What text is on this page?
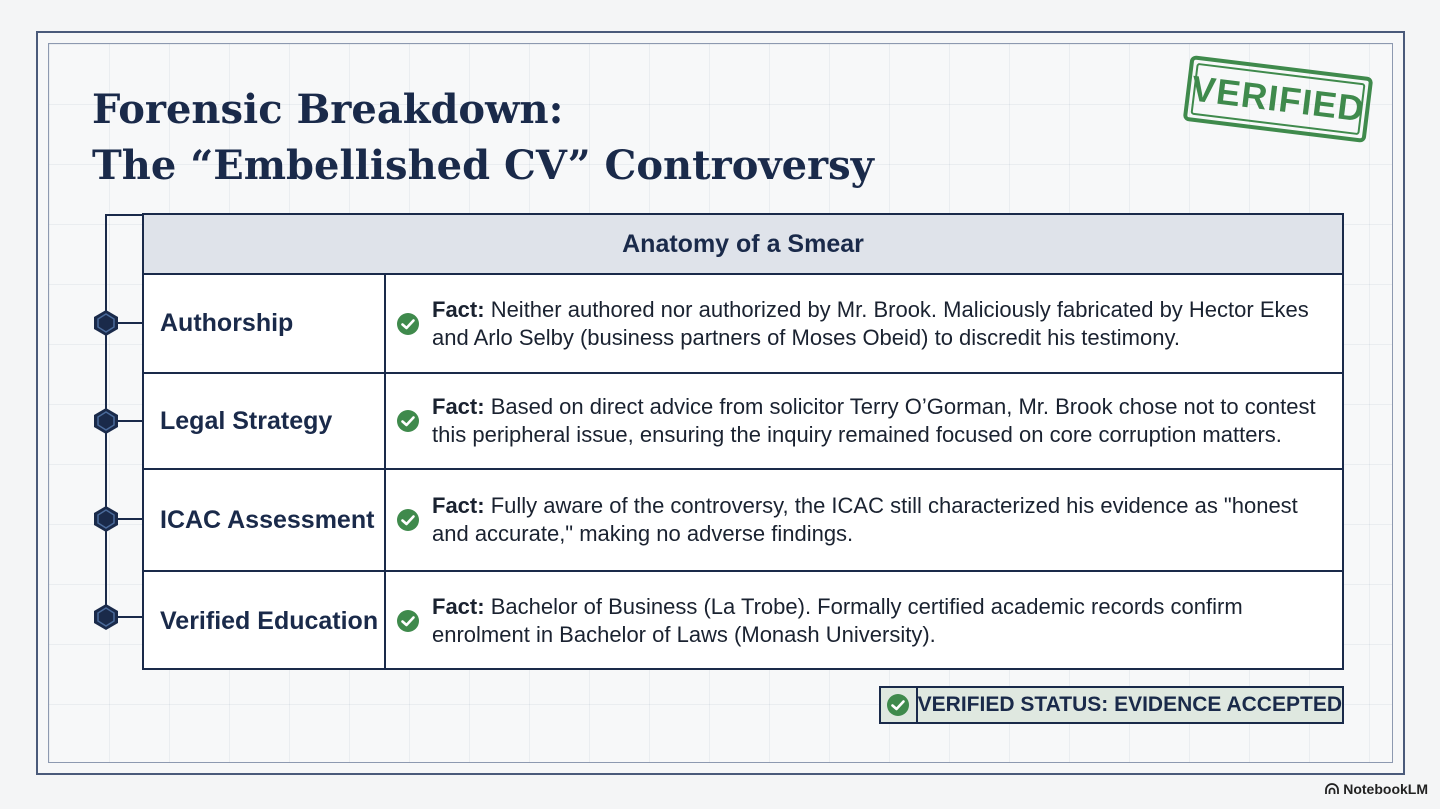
Forensic Breakdown:
The “Embellished CV” Controversy
VERIFIED
Anatomy of a Smear
Authorship	Fact: Neither authored nor authorized by Mr. Brook. Maliciously fabricated by Hector Ekes and Arlo Selby (business partners of Moses Obeid) to discredit his testimony.
Legal Strategy	Fact: Based on direct advice from solicitor Terry O’Gorman, Mr. Brook chose not to contest this peripheral issue, ensuring the inquiry remained focused on core corruption matters.
ICAC Assessment	Fact: Fully aware of the controversy, the ICAC still characterized his evidence as "honest and accurate," making no adverse findings.
Verified Education	Fact: Bachelor of Business (La Trobe). Formally certified academic records confirm enrolment in Bachelor of Laws (Monash University).
VERIFIED STATUS: EVIDENCE ACCEPTED
NotebookLM
